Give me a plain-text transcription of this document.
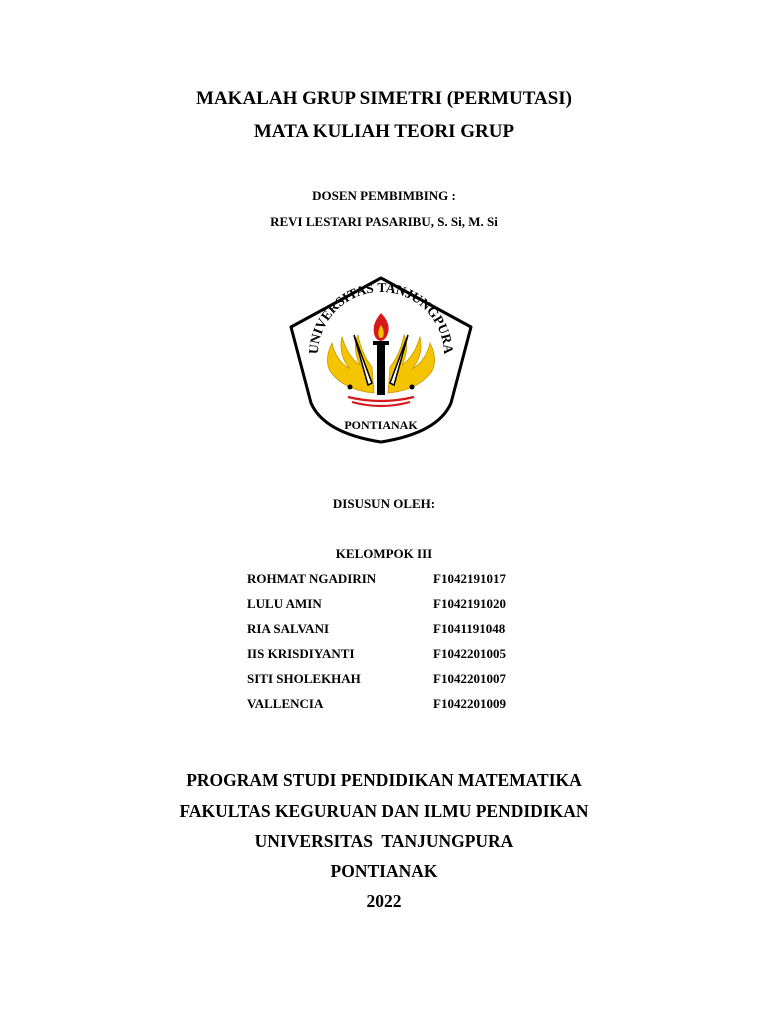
MAKALAH GRUP SIMETRI (PERMUTASI)
MATA KULIAH TEORI GRUP
DOSEN PEMBIMBING :
REVI LESTARI PASARIBU, S. Si, M. Si
UNIVERSITAS TANJUNGPURA
PONTIANAK
DISUSUN OLEH:
KELOMPOK III
ROHMAT NGADIRIN	F1042191017
LULU AMIN	F1042191020
RIA SALVANI	F1041191048
IIS KRISDIYANTI	F1042201005
SITI SHOLEKHAH	F1042201007
VALLENCIA	F1042201009
PROGRAM STUDI PENDIDIKAN MATEMATIKA
FAKULTAS KEGURUAN DAN ILMU PENDIDIKAN
UNIVERSITAS  TANJUNGPURA
PONTIANAK
2022
